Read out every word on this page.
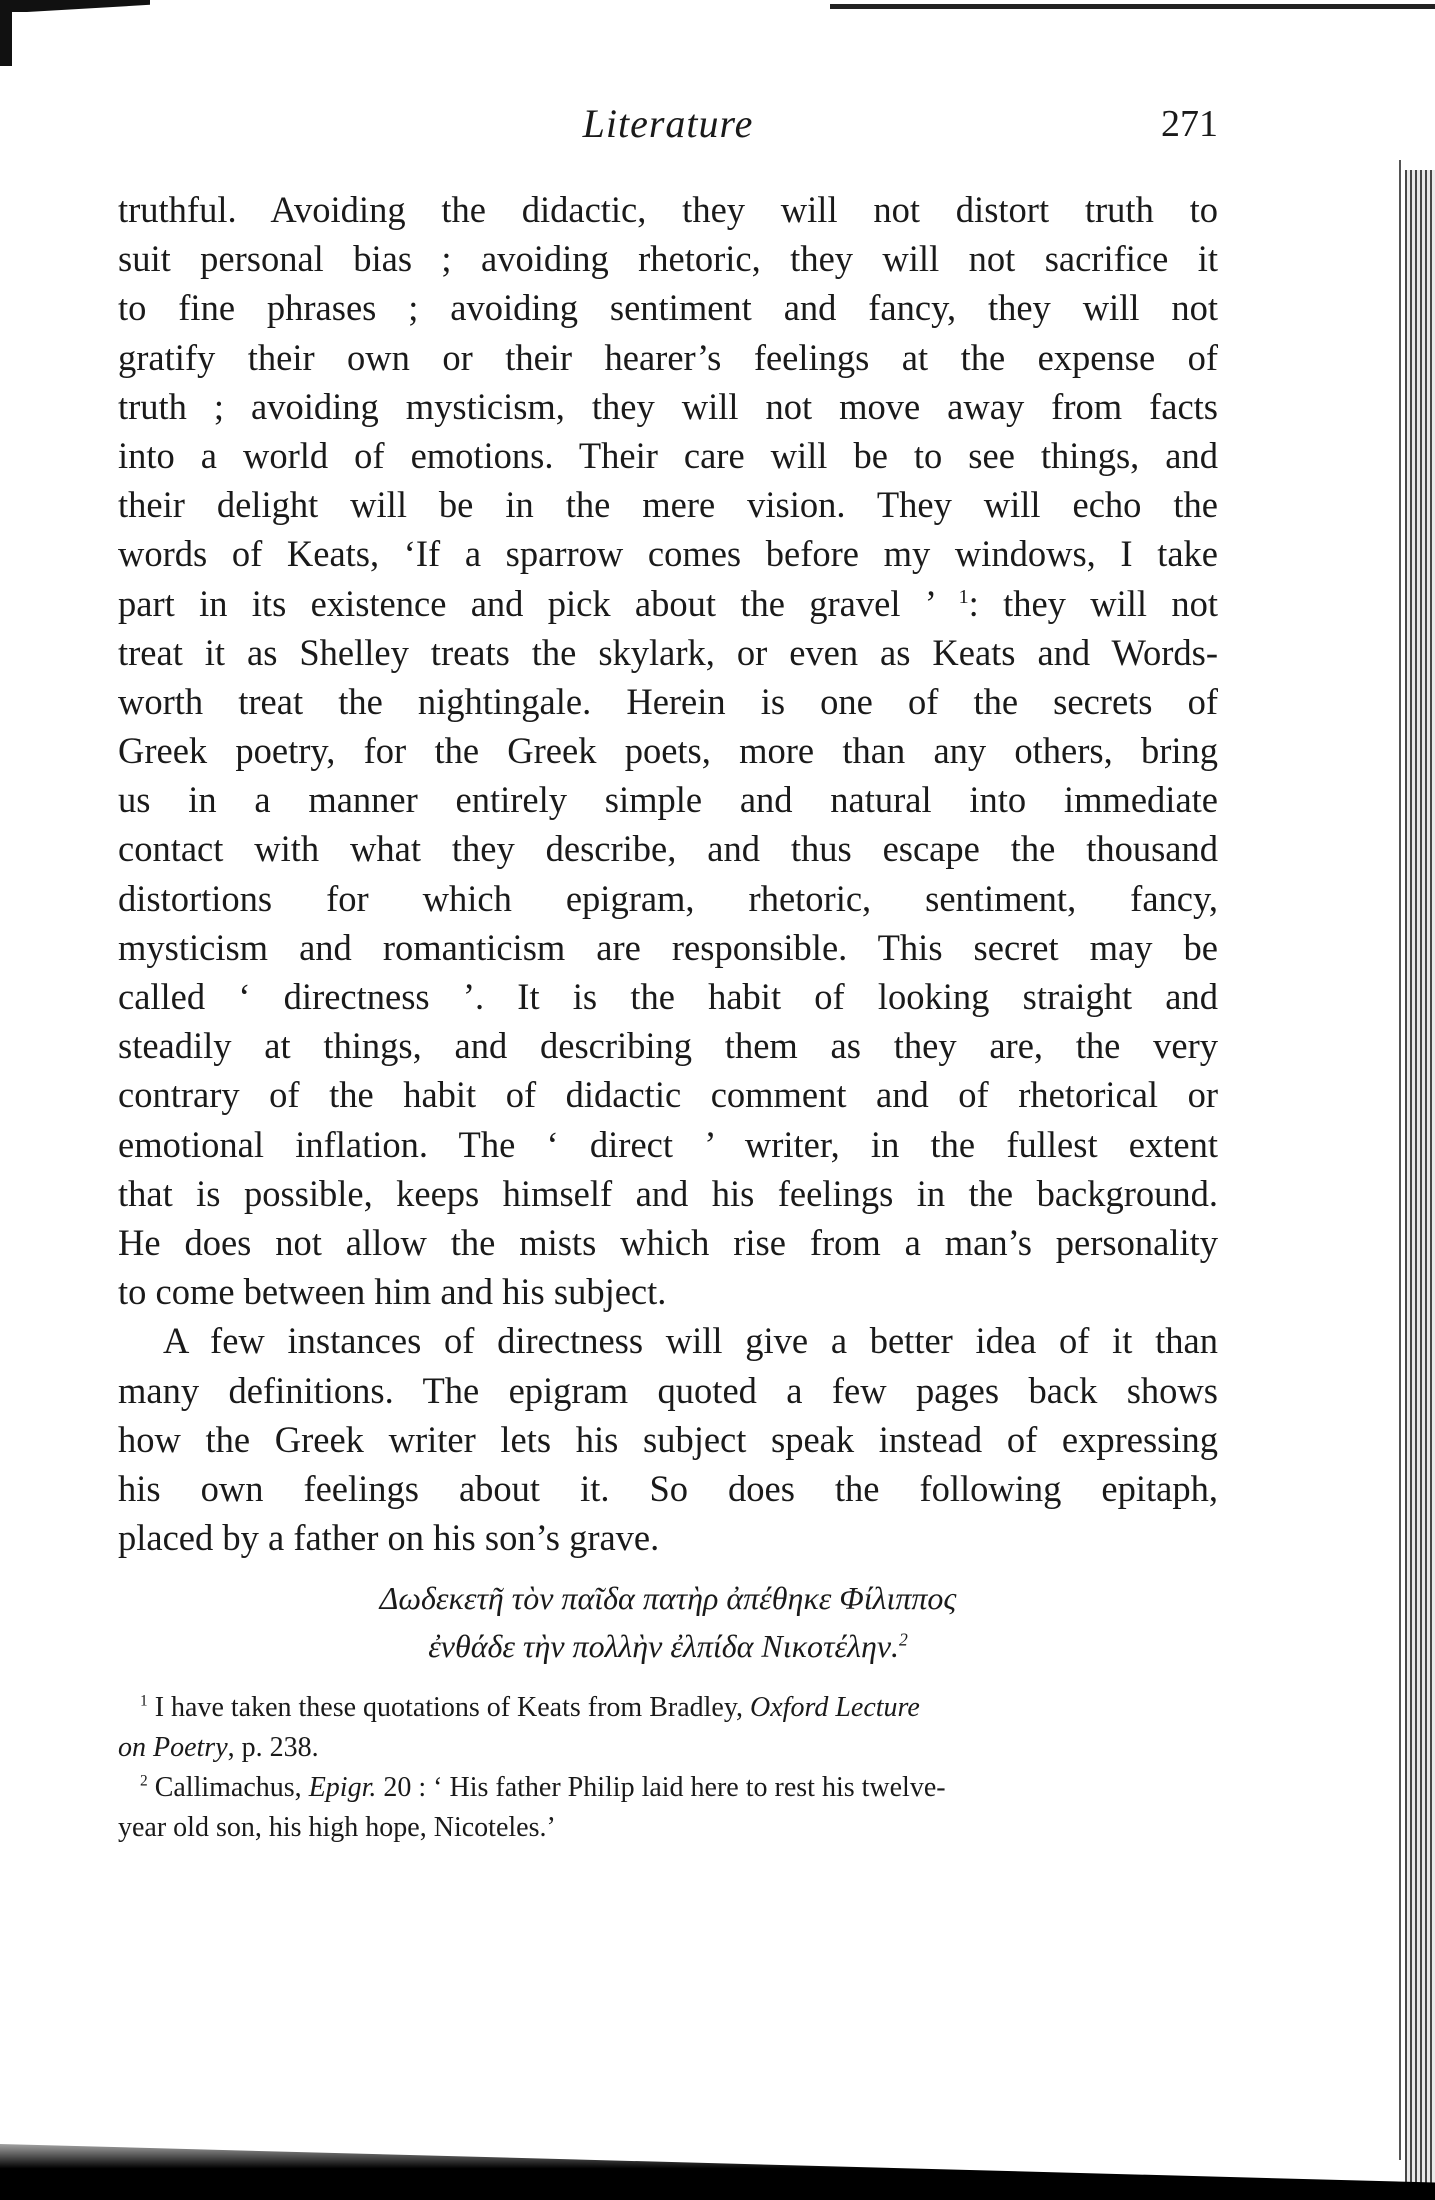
Literature	271
truthful. Avoiding the didactic, they will not distort truth to
suit personal bias ; avoiding rhetoric, they will not sacrifice it
to fine phrases ; avoiding sentiment and fancy, they will not
gratify their own or their hearer’s feelings at the expense of
truth ; avoiding mysticism, they will not move away from facts
into a world of emotions. Their care will be to see things, and
their delight will be in the mere vision. They will echo the
words of Keats, ‘If a sparrow comes before my windows, I take
part in its existence and pick about the gravel ’ $^1$: they will not
treat it as Shelley treats the skylark, or even as Keats and Words-
worth treat the nightingale. Herein is one of the secrets of
Greek poetry, for the Greek poets, more than any others, bring
us in a manner entirely simple and natural into immediate
contact with what they describe, and thus escape the thousand
distortions for which epigram, rhetoric, sentiment, fancy,
mysticism and romanticism are responsible. This secret may be
called ‘ directness ’. It is the habit of looking straight and
steadily at things, and describing them as they are, the very
contrary of the habit of didactic comment and of rhetorical or
emotional inflation. The ‘ direct ’ writer, in the fullest extent
that is possible, keeps himself and his feelings in the background.
He does not allow the mists which rise from a man’s personality
to come between him and his subject.
A few instances of directness will give a better idea of it than
many definitions. The epigram quoted a few pages back shows
how the Greek writer lets his subject speak instead of expressing
his own feelings about it. So does the following epitaph,
placed by a father on his son’s grave.
Δωδεκετῆ τὸν παῖδα πατὴρ ἀπέθηκε Φίλιππος
ἐνθάδε τὴν πολλὴν ἐλπίδα Νικοτέλην.$^2$
$^1$ I have taken these quotations of Keats from Bradley, Oxford Lecture
on Poetry, p. 238.
$^2$ Callimachus, Epigr. 20 : ‘ His father Philip laid here to rest his twelve-
year old son, his high hope, Nicoteles.’
